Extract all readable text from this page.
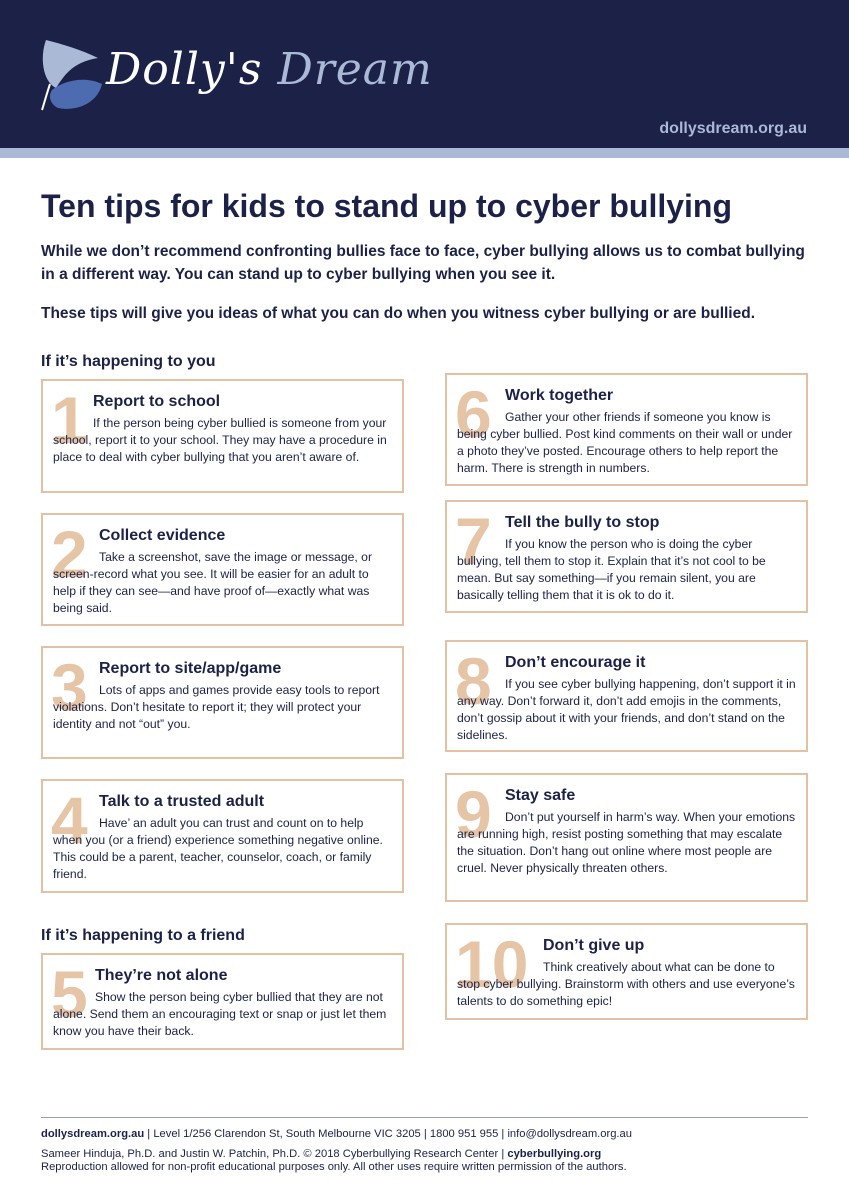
Dolly's Dream
dollysdream.org.au
Ten tips for kids to stand up to cyber bullying
While we don’t recommend confronting bullies face to face, cyber bullying allows us to combat bullying in a different way. You can stand up to cyber bullying when you see it.
These tips will give you ideas of what you can do when you witness cyber bullying or are bullied.
If it’s happening to you
If it’s happening to a friend
1 Report to school
If the person being cyber bullied is someone from your school, report it to your school. They may have a procedure in place to deal with cyber bullying that you aren’t aware of.
2 Collect evidence
Take a screenshot, save the image or message, or screen-record what you see. It will be easier for an adult to help if they can see—and have proof of—exactly what was being said.
3 Report to site/app/game
Lots of apps and games provide easy tools to report violations. Don’t hesitate to report it; they will protect your identity and not “out” you.
4 Talk to a trusted adult
Have’ an adult you can trust and count on to help when you (or a friend) experience something negative online. This could be a parent, teacher, counselor, coach, or family friend.
5 They’re not alone
Show the person being cyber bullied that they are not alone. Send them an encouraging text or snap or just let them know you have their back.
6 Work together
Gather your other friends if someone you know is being cyber bullied. Post kind comments on their wall or under a photo they’ve posted. Encourage others to help report the harm. There is strength in numbers.
7 Tell the bully to stop
If you know the person who is doing the cyber bullying, tell them to stop it. Explain that it’s not cool to be mean. But say something—if you remain silent, you are basically telling them that it is ok to do it.
8 Don’t encourage it
If you see cyber bullying happening, don’t support it in any way. Don’t forward it, don’t add emojis in the comments, don’t gossip about it with your friends, and don’t stand on the sidelines.
9 Stay safe
Don’t put yourself in harm’s way. When your emotions are running high, resist posting something that may escalate the situation. Don’t hang out online where most people are cruel. Never physically threaten others.
10 Don’t give up
Think creatively about what can be done to stop cyber bullying. Brainstorm with others and use everyone’s talents to do something epic!
dollysdream.org.au | Level 1/256 Clarendon St, South Melbourne VIC 3205 | 1800 951 955 | info@dollysdream.org.au
Sameer Hinduja, Ph.D. and Justin W. Patchin, Ph.D. © 2018 Cyberbullying Research Center | cyberbullying.org
Reproduction allowed for non-profit educational purposes only. All other uses require written permission of the authors.
